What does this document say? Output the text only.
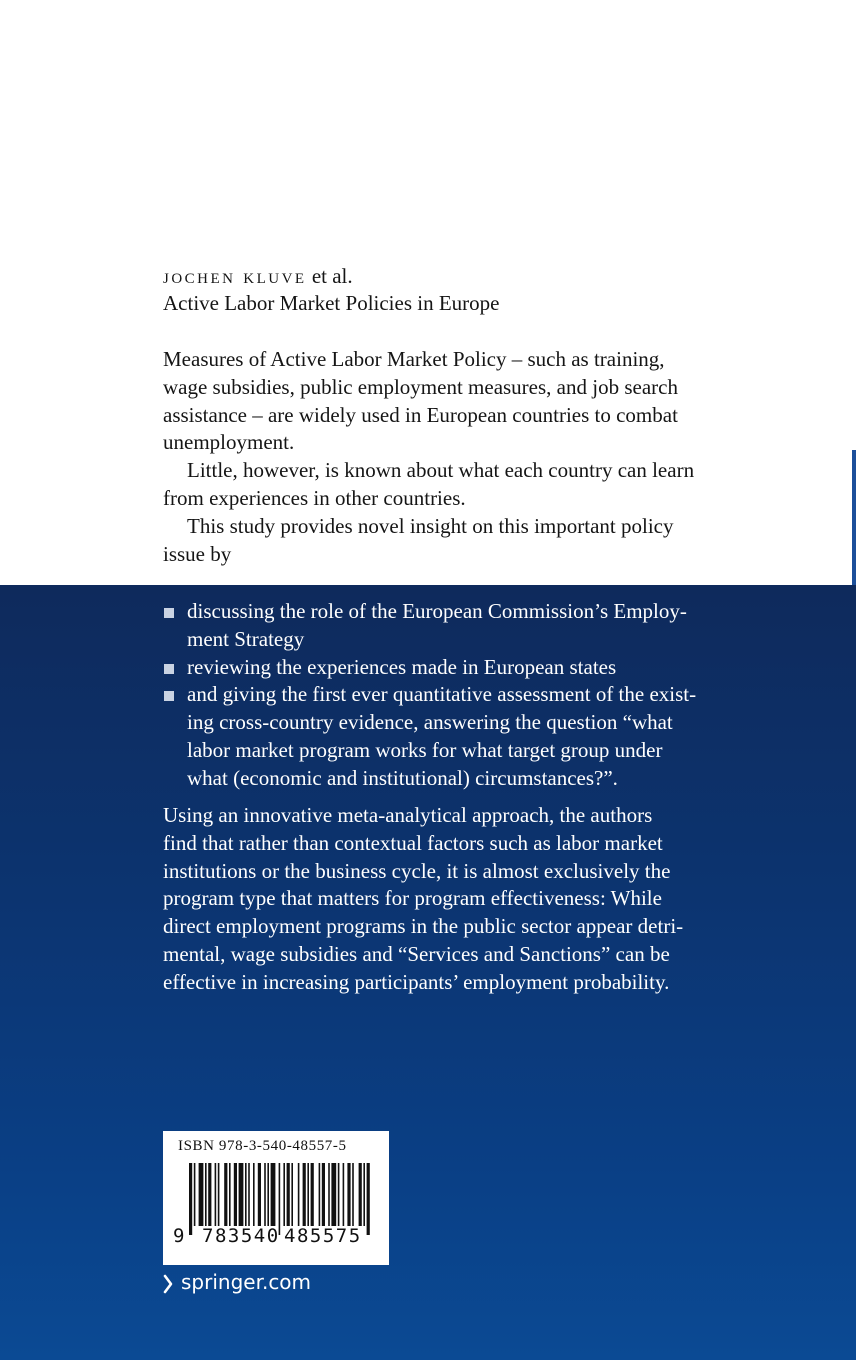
jochen kluve et al.
Active Labor Market Policies in Europe

Measures of Active Labor Market Policy – such as training,

wage subsidies, public employment measures, and job search

assistance – are widely used in European countries to combat

unemployment.

Little, however, is known about what each country can learn

from experiences in other countries.

This study provides novel insight on this important policy

issue by

discussing the role of the European Commission’s Employ-
ment Strategy
reviewing the experiences made in European states
and giving the first ever quantitative assessment of the exist-
ing cross-country evidence, answering the question “what
labor market program works for what target group under
what (economic and institutional) circumstances?”.
Using an innovative meta-analytical approach, the authors
find that rather than contextual factors such as labor market
institutions or the business cycle, it is almost exclusively the
program type that matters for program effectiveness: While
direct employment programs in the public sector appear detri-
mental, wage subsidies and “Services and Sanctions” can be
effective in increasing participants’ employment probability.
ISBN 978-3-540-48557-5
9 783540 485575
springer.com
